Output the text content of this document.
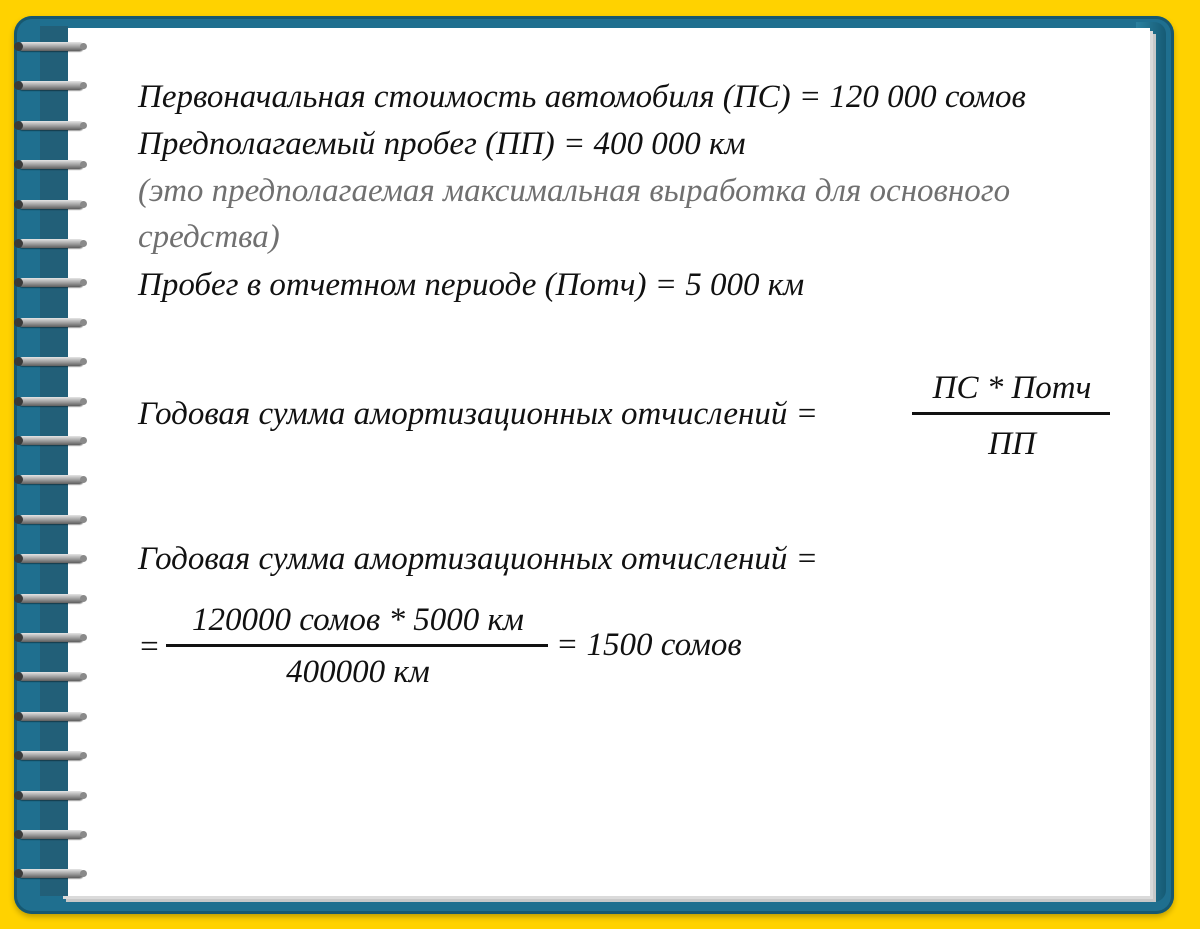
Первоначальная стоимость автомобиля (ПС) = 120 000 сомов
Предполагаемый пробег (ПП) = 400 000 км
(это предполагаемая максимальная выработка для основного
средства)
Пробег в отчетном периоде (Потч) = 5 000 км
Годовая сумма амортизационных отчислений =
ПС * Потч
ПП
Годовая сумма амортизационных отчислений =
=
120000 сомов * 5000 км
400000 км
= 1500 сомов
